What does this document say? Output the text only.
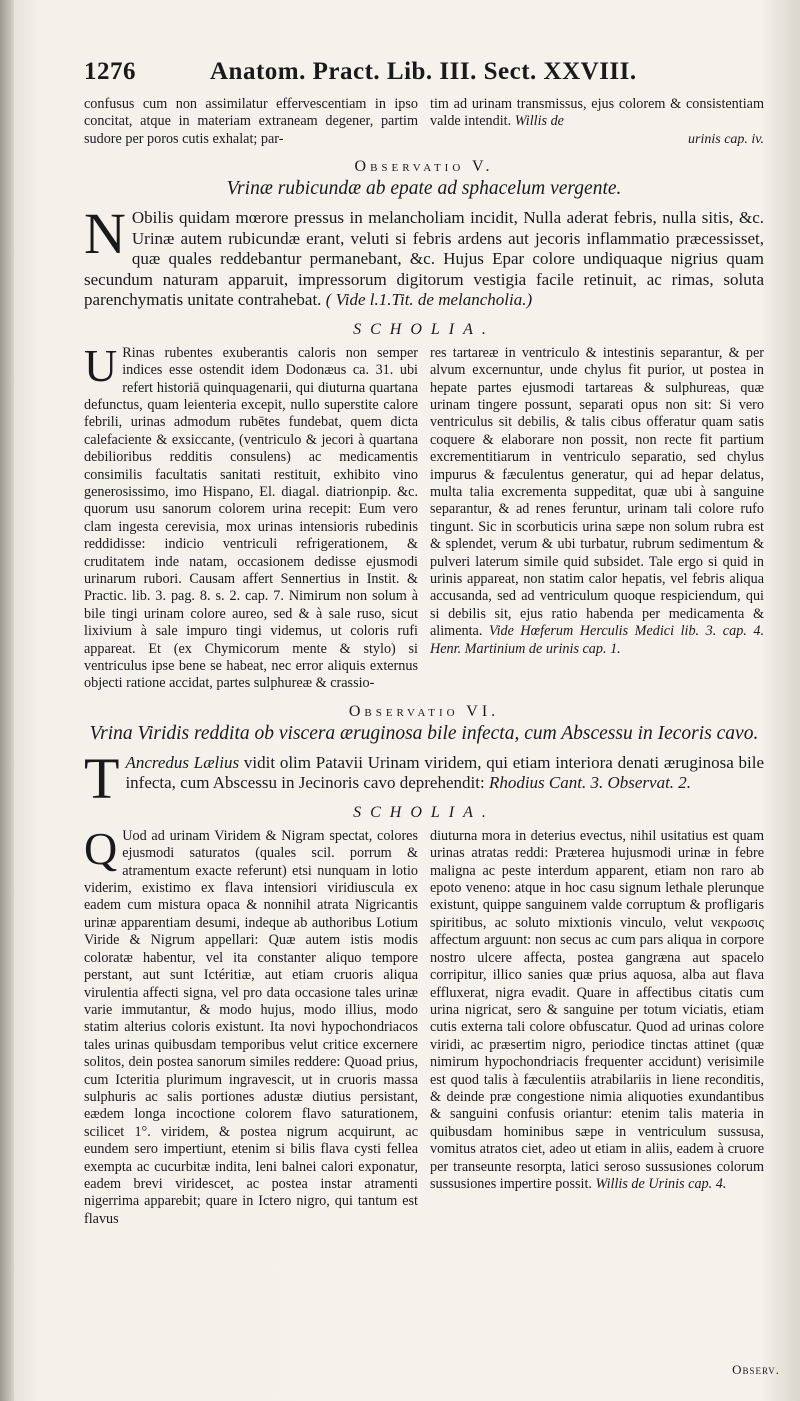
1276	Anatom. Pract. Lib. III. Sect. XXVIII.

confusus cum non assimilatur effervescentiam in ipso concitat, atque in materiam extraneam degener, partim sudore per poros cutis exhalat; par-

tim ad urinam transmissus, ejus colorem & consistentiam valde intendit. Willis de

urinis cap. iv.

Observatio V.
Vrinæ rubicundæ ab epate ad sphacelum vergente.
N Obilis quidam mœrore pressus in melancholiam incidit, Nulla aderat febris, nulla sitis, &c. Urinæ autem rubicundæ erant, veluti si febris ardens aut jecoris inflammatio præcessisset, quæ quales reddebantur permanebant, &c. Hujus Epar colore undiquaque nigrius quam secundum naturam apparuit, impressorum digitorum vestigia facile retinuit, ac rimas, soluta parenchymatis unitate contrahebat. ( Vide l.1.Tit. de melancholia.)
SCHOLIA.
U Rinas rubentes exuberantis caloris non semper indices esse ostendit idem Dodonæus ca. 31. ubi refert historiā quinquagenarii, qui diuturna quartana defunctus, quam leienteria excepit, nullo superstite calore febrili, urinas admodum rubētes fundebat, quem dicta calefaciente & exsiccante, (ventriculo & jecori à quartana debilioribus redditis consulens) ac medicamentis consimilis facultatis sanitati restituit, exhibito vino generosissimo, imo Hispano, El. diagal. diatrionpip. &c. quorum usu sanorum colorem urina recepit: Eum vero clam ingesta cerevisia, mox urinas intensioris rubedinis reddidisse: indicio ventriculi refrigerationem, & cruditatem inde natam, occasionem dedisse ejusmodi urinarum rubori. Causam affert Sennertius in Instit. & Practic. lib. 3. pag. 8. s. 2. cap. 7. Nimirum non solum à bile tingi urinam colore aureo, sed & à sale ruso, sicut lixivium à sale impuro tingi videmus, ut coloris rufi appareat. Et (ex Chymicorum mente & stylo) si ventriculus ipse bene se habeat, nec error aliquis externus objecti ratione accidat, partes sulphureæ & crassio-
res tartareæ in ventriculo & intestinis separantur, & per alvum excernuntur, unde chylus fit purior, ut postea in hepate partes ejusmodi tartareas & sulphureas, quæ urinam tingere possunt, separati opus non sit: Si vero ventriculus sit debilis, & talis cibus offeratur quam satis coquere & elaborare non possit, non recte fit partium excrementitiarum in ventriculo separatio, sed chylus impurus & fæculentus generatur, qui ad hepar delatus, multa talia excrementa suppeditat, quæ ubi à sanguine separantur, & ad renes feruntur, urinam tali colore rufo tingunt. Sic in scorbuticis urina sæpe non solum rubra est & splendet, verum & ubi turbatur, rubrum sedimentum & pulveri laterum simile quid subsidet. Tale ergo si quid in urinis appareat, non statim calor hepatis, vel febris aliqua accusanda, sed ad ventriculum quoque respiciendum, qui si debilis sit, ejus ratio habenda per medicamenta & alimenta. Vide Hœferum Herculis Medici lib. 3. cap. 4. Henr. Martinium de urinis cap. 1.
Observatio VI.
Vrina Viridis reddita ob viscera æruginosa bile infecta, cum Abscessu in Iecoris cavo.
T Ancredus Lælius vidit olim Patavii Urinam viridem, qui etiam interiora denati æruginosa bile infecta, cum Abscessu in Jecinoris cavo deprehendit: Rhodius Cant. 3. Observat. 2.
SCHOLIA.
Q Uod ad urinam Viridem & Nigram spectat, colores ejusmodi saturatos (quales scil. porrum & atramentum exacte referunt) etsi nunquam in lotio viderim, existimo ex flava intensiori viridiuscula ex eadem cum mistura opaca & nonnihil atrata Nigricantis urinæ apparentiam desumi, indeque ab authoribus Lotium Viride & Nigrum appellari: Quæ autem istis modis coloratæ habentur, vel ita constanter aliquo tempore perstant, aut sunt Ictéritiæ, aut etiam cruoris aliqua virulentia affecti signa, vel pro data occasione tales urinæ varie immutantur, & modo hujus, modo illius, modo statim alterius coloris existunt. Ita novi hypochondriacos tales urinas quibusdam temporibus velut critice excernere solitos, dein postea sanorum similes reddere: Quoad prius, cum Icteritia plurimum ingravescit, ut in cruoris massa sulphuris ac salis portiones adustæ diutius persistant, eædem longa incoctione colorem flavo saturationem, scilicet 1°. viridem, & postea nigrum acquirunt, ac eundem sero impertiunt, etenim si bilis flava cysti fellea exempta ac cucurbitæ indita, leni balnei calori exponatur, eadem brevi viridescet, ac postea instar atramenti nigerrima apparebit; quare in Ictero nigro, qui tantum est flavus
diuturna mora in deterius evectus, nihil usitatius est quam urinas atratas reddi: Præterea hujusmodi urinæ in febre maligna ac peste interdum apparent, etiam non raro ab epoto veneno: atque in hoc casu signum lethale plerunque existunt, quippe sanguinem valde corruptum & profligaris spiritibus, ac soluto mixtionis vinculo, velut νεκρωσις affectum arguunt: non secus ac cum pars aliqua in corpore nostro ulcere affecta, postea gangræna aut spacelo corripitur, illico sanies quæ prius aquosa, alba aut flava effluxerat, nigra evadit. Quare in affectibus citatis cum urina nigricat, sero & sanguine per totum viciatis, etiam cutis externa tali colore obfuscatur. Quod ad urinas colore viridi, ac præsertim nigro, periodice tinctas attinet (quæ nimirum hypochondriacis frequenter accidunt) verisimile est quod talis à fæculentiis atrabilariis in liene reconditis, & deinde præ congestione nimia aliquoties exundantibus & sanguini confusis oriantur: etenim talis materia in quibusdam hominibus sæpe in ventriculum sussusa, vomitus atratos ciet, adeo ut etiam in aliis, eadem à cruore per transeunte resorpta, latici seroso sussusiones colorum sussusiones impertire possit. Willis de Urinis cap. 4.
Observ.
